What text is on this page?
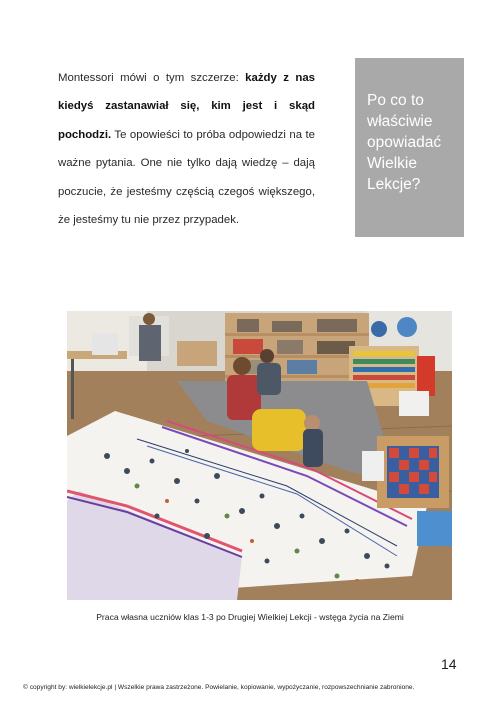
Montessori mówi o tym szczerze: każdy z nas kiedyś zastanawiał się, kim jest i skąd pochodzi. Te opowieści to próba odpowiedzi na te ważne pytania. One nie tylko dają wiedzę – dają poczucie, że jesteśmy częścią czegoś większego, że jesteśmy tu nie przez przypadek.
Po co to
właściwie
opowiadać
Wielkie
Lekcje?
Praca własna uczniów klas 1-3 po Drugiej Wielkiej Lekcji - wstęga życia na Ziemi
14
© copyright by: wielkielekcje.pl | Wszelkie prawa zastrzeżone. Powielanie, kopiowanie, wypożyczanie, rozpowszechnianie zabronione.
